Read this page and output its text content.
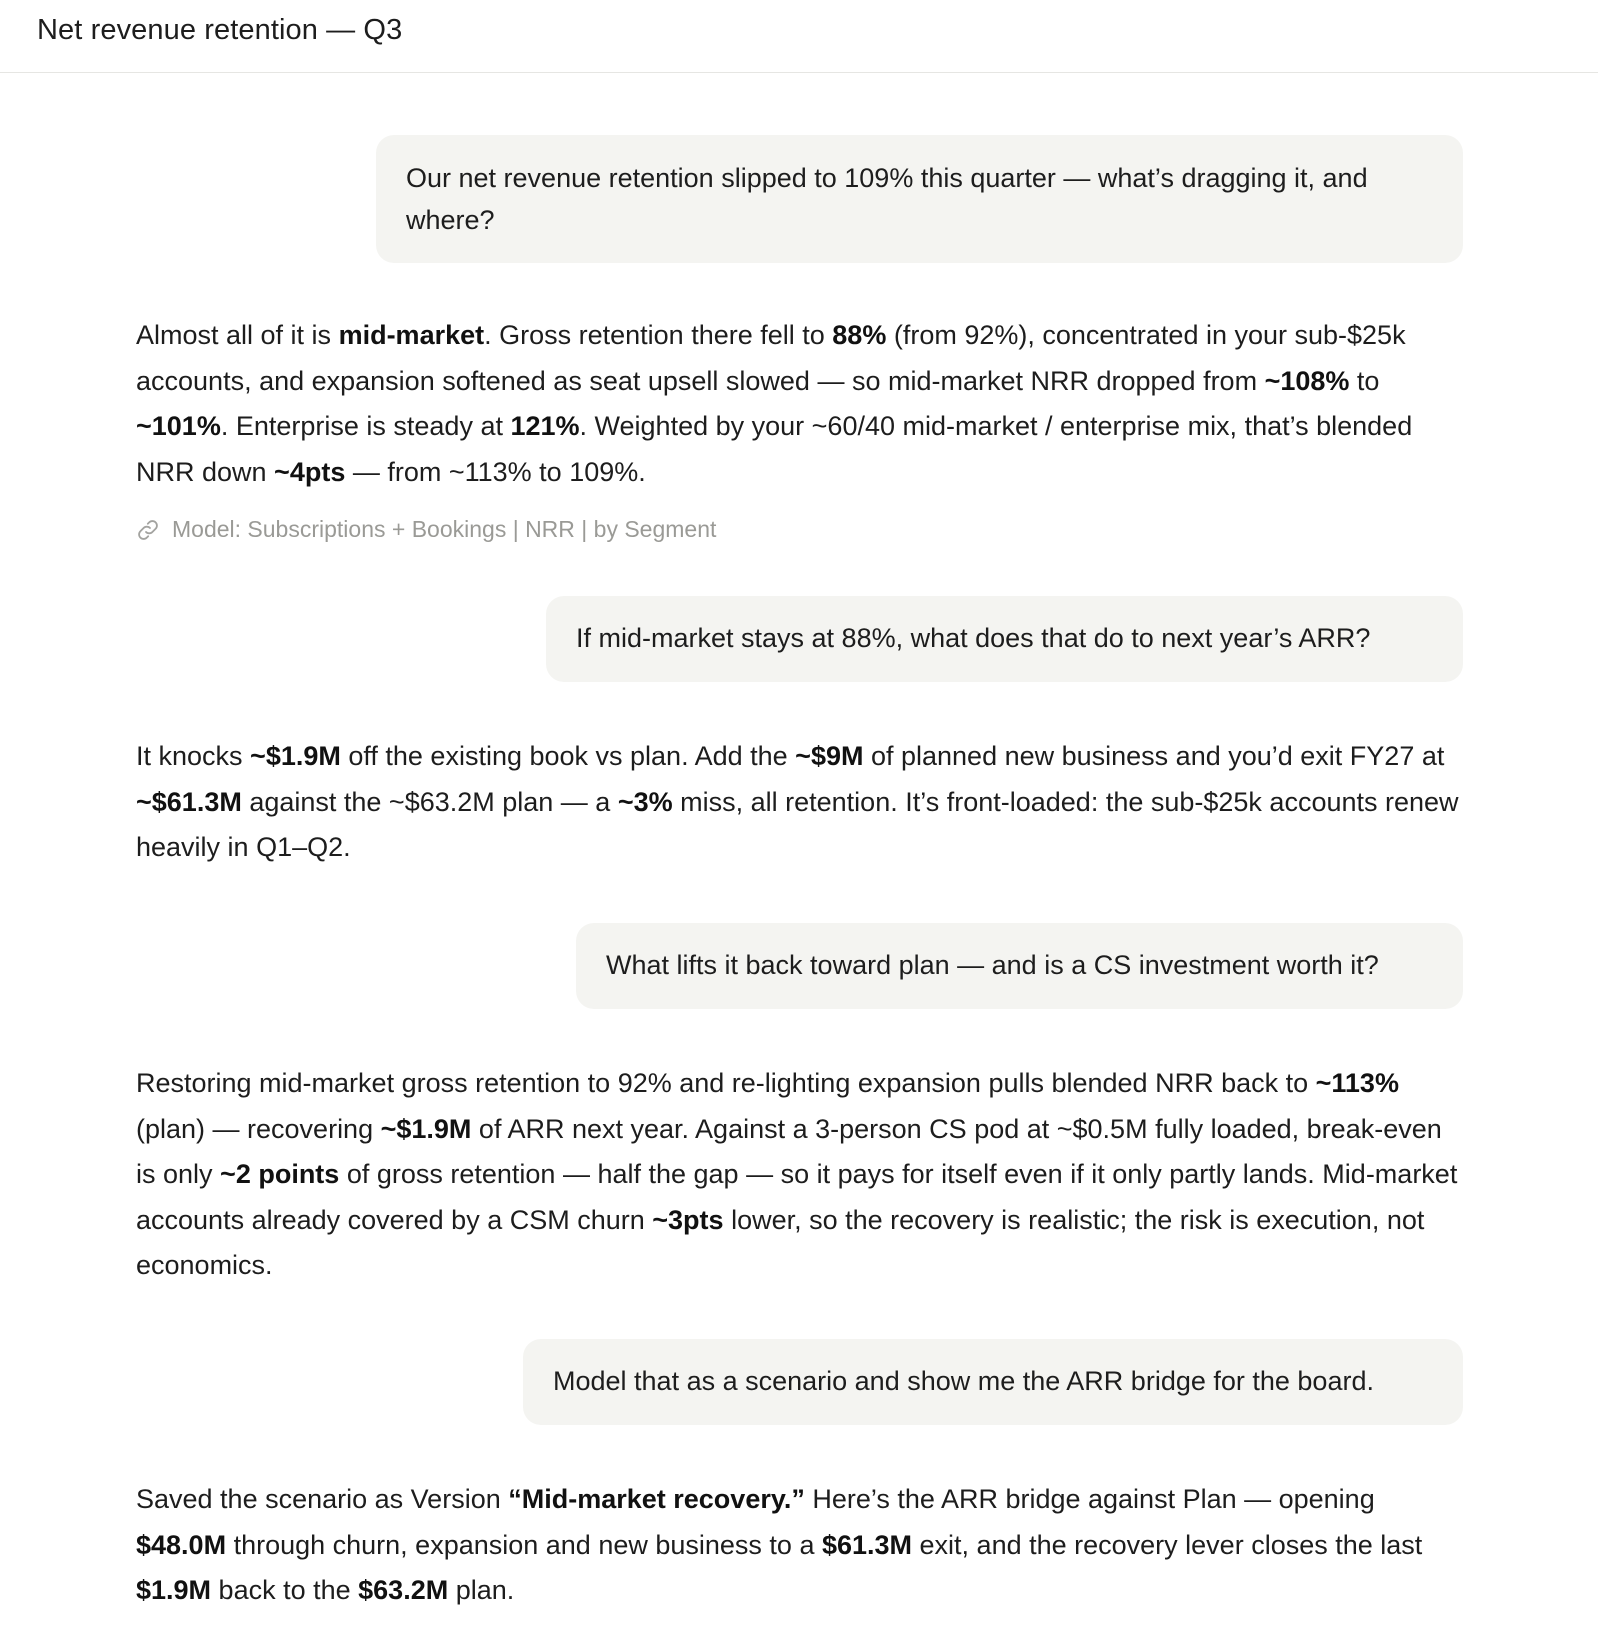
Net revenue retention — Q3
Our net revenue retention slipped to 109% this quarter — what’s dragging it, and where?
Almost all of it is mid-market. Gross retention there fell to 88% (from 92%), concentrated in your sub-$25k accounts, and expansion softened as seat upsell slowed — so mid-market NRR dropped from ~108% to ~101%. Enterprise is steady at 121%. Weighted by your ~60/40 mid-market / enterprise mix, that’s blended NRR down ~4pts — from ~113% to 109%.
Model: Subscriptions + Bookings | NRR | by Segment
If mid-market stays at 88%, what does that do to next year’s ARR?
It knocks ~$1.9M off the existing book vs plan. Add the ~$9M of planned new business and you’d exit FY27 at ~$61.3M against the ~$63.2M plan — a ~3% miss, all retention. It’s front-loaded: the sub-$25k accounts renew heavily in Q1–Q2.
What lifts it back toward plan — and is a CS investment worth it?
Restoring mid-market gross retention to 92% and re-lighting expansion pulls blended NRR back to ~113% (plan) — recovering ~$1.9M of ARR next year. Against a 3-person CS pod at ~$0.5M fully loaded, break-even is only ~2 points of gross retention — half the gap — so it pays for itself even if it only partly lands. Mid-market accounts already covered by a CSM churn ~3pts lower, so the recovery is realistic; the risk is execution, not economics.
Model that as a scenario and show me the ARR bridge for the board.
Saved the scenario as Version “Mid-market recovery.” Here’s the ARR bridge against Plan — opening $48.0M through churn, expansion and new business to a $61.3M exit, and the recovery lever closes the last $1.9M back to the $63.2M plan.
